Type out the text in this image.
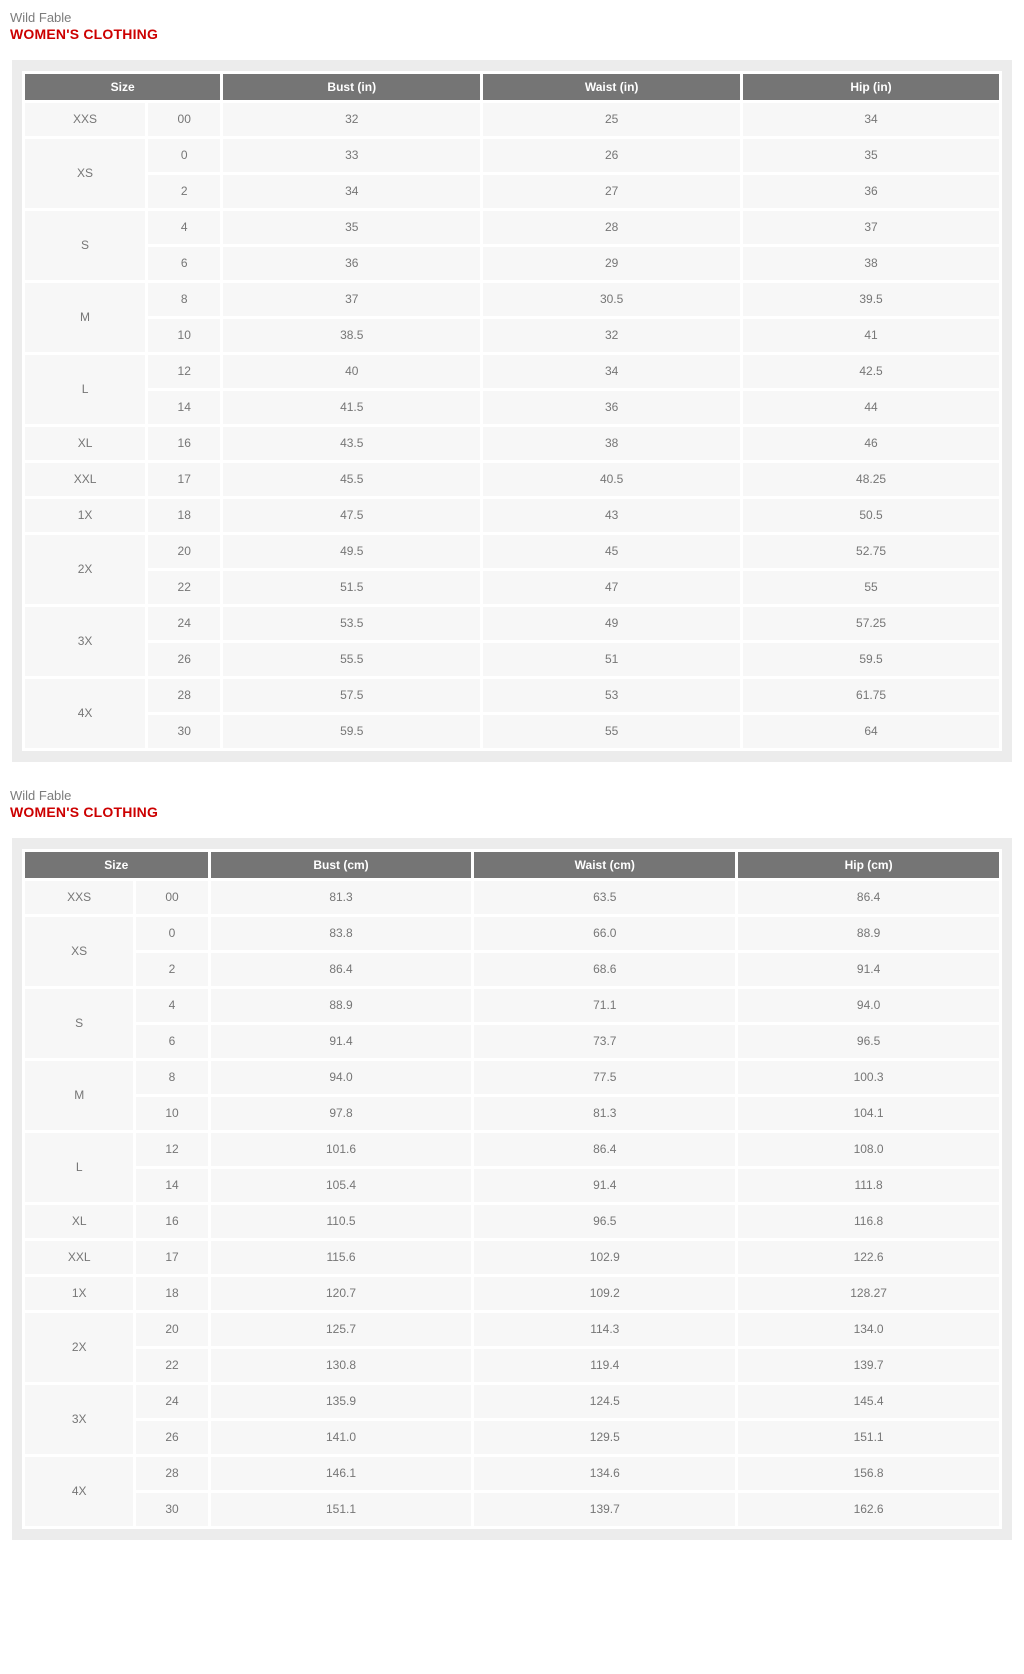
Wild Fable
WOMEN'S CLOTHING
Size		Bust (in)	Waist (in)	Hip (in)
XXS	00	32	25	34
XS	0	33	26	35
	2	34	27	36
S	4	35	28	37
	6	36	29	38
M	8	37	30.5	39.5
	10	38.5	32	41
L	12	40	34	42.5
	14	41.5	36	44
XL	16	43.5	38	46
XXL	17	45.5	40.5	48.25
1X	18	47.5	43	50.5
2X	20	49.5	45	52.75
	22	51.5	47	55
3X	24	53.5	49	57.25
	26	55.5	51	59.5
4X	28	57.5	53	61.75
	30	59.5	55	64
Wild Fable
WOMEN'S CLOTHING
Size		Bust (cm)	Waist (cm)	Hip (cm)
XXS	00	81.3	63.5	86.4
XS	0	83.8	66.0	88.9
	2	86.4	68.6	91.4
S	4	88.9	71.1	94.0
	6	91.4	73.7	96.5
M	8	94.0	77.5	100.3
	10	97.8	81.3	104.1
L	12	101.6	86.4	108.0
	14	105.4	91.4	111.8
XL	16	110.5	96.5	116.8
XXL	17	115.6	102.9	122.6
1X	18	120.7	109.2	128.27
2X	20	125.7	114.3	134.0
	22	130.8	119.4	139.7
3X	24	135.9	124.5	145.4
	26	141.0	129.5	151.1
4X	28	146.1	134.6	156.8
	30	151.1	139.7	162.6
